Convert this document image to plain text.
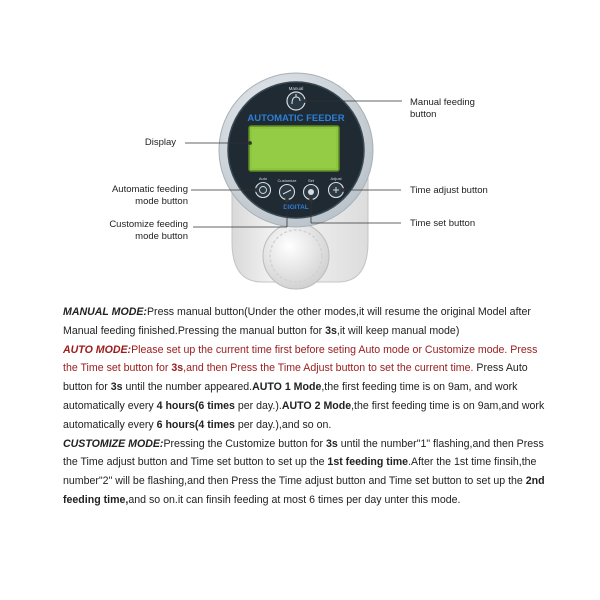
Manual
AUTOMATIC FEEDER
Auto	Customize	Set	Adjust
DIGITAL
Manual feeding
button
Display
Automatic feeding
mode button
Customize feeding
mode button
Time adjust button
Time set button

MANUAL MODE:Press manual button(Under the other modes,it will resume the original Model after Manual feeding finished.Pressing the manual button for 3s,it will keep manual mode)

AUTO MODE:Please set up the current time first before seting Auto mode or Customize mode. Press the Time set button for 3s,and then Press the Time Adjust button to set the current time. Press Auto button for 3s until the number appeared.AUTO 1 Mode,the first feeding time is on 9am, and work automatically every 4 hours(6 times per day.).AUTO 2 Mode,the first feeding time is on 9am,and work automatically every 6 hours(4 times per day.),and so on.

CUSTOMIZE MODE:Pressing the Customize button for 3s until the number"1" flashing,and then Press the Time adjust button and Time set button to set up the 1st feeding time.After the 1st time finsih,the number"2" will be flashing,and then Press the Time adjust button and Time set button to set up the 2nd feeding time,and so on.it can finsih feeding at most 6 times per day unter this mode.
